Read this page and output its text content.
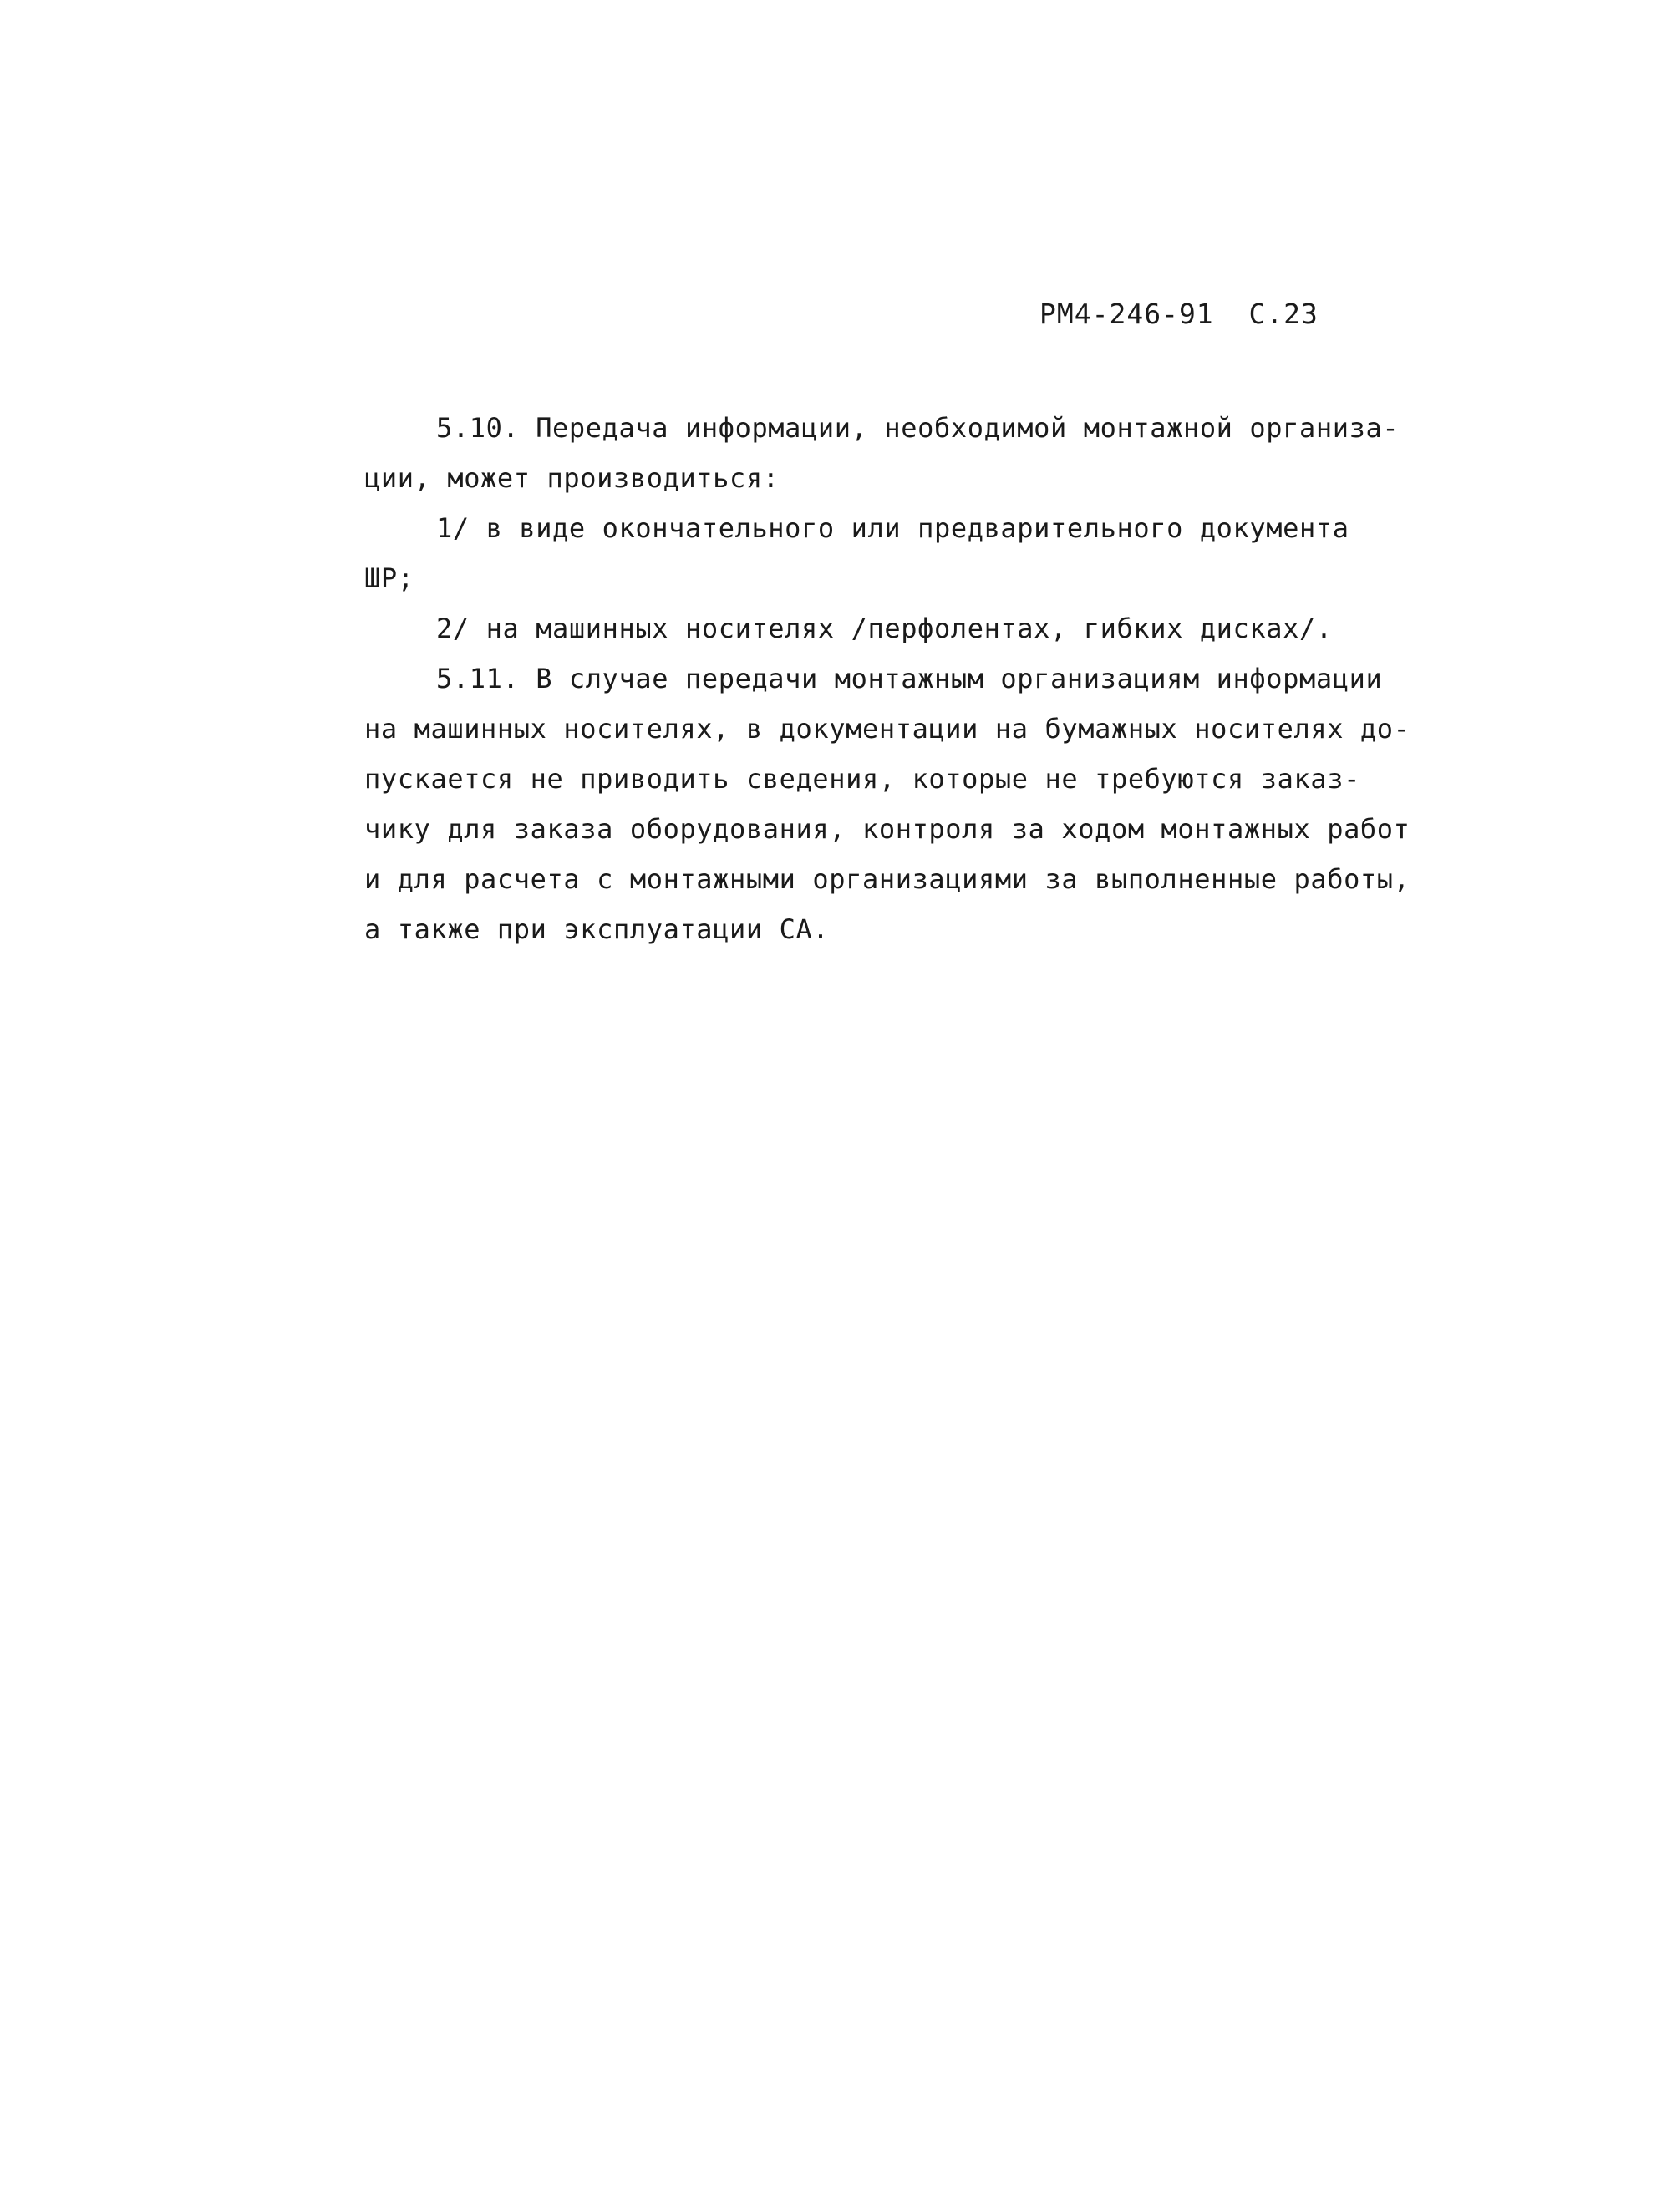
РМ4-246-91 С.23
5.10. Передача информации, необходимой монтажной организа-
ции, может производиться:
1/ в виде окончательного или предварительного документа
ШР;
2/ на машинных носителях /перфолентах, гибких дисках/.
5.11. В случае передачи монтажным организациям информации
на машинных носителях, в документации на бумажных носителях до-
пускается не приводить сведения, которые не требуются заказ-
чику для заказа оборудования, контроля за ходом монтажных работ
и для расчета с монтажными организациями за выполненные работы,
а также при эксплуатации СА.
